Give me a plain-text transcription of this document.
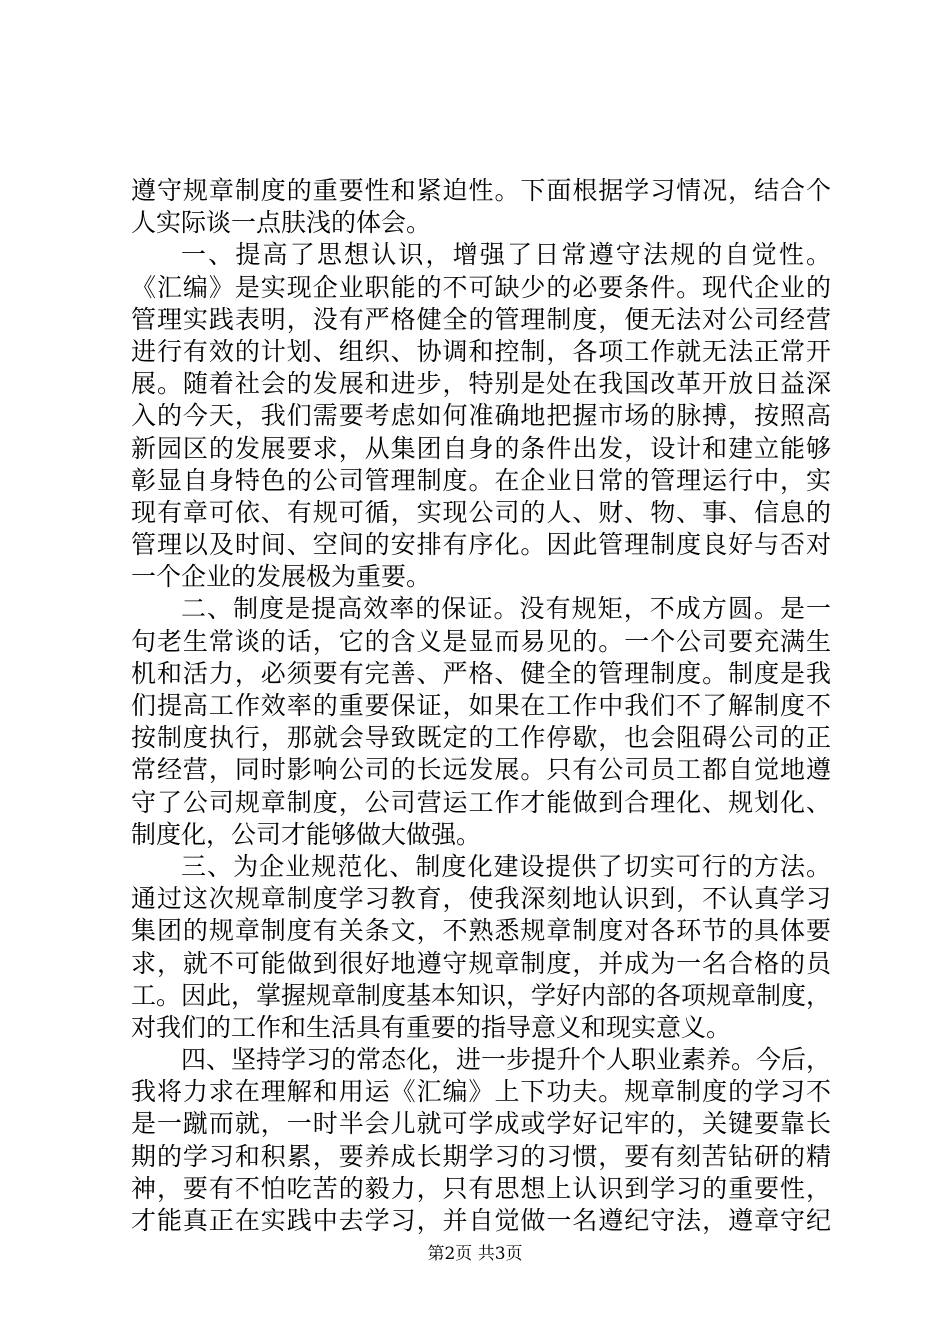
遵守规章制度的重要性和紧迫性。下面根据学习情况，结合个
人实际谈一点肤浅的体会。
一、提高了思想认识，增强了日常遵守法规的自觉性。
《汇编》是实现企业职能的不可缺少的必要条件。现代企业的
管理实践表明，没有严格健全的管理制度，便无法对公司经营
进行有效的计划、组织、协调和控制，各项工作就无法正常开
展。随着社会的发展和进步，特别是处在我国改革开放日益深
入的今天，我们需要考虑如何准确地把握市场的脉搏，按照高
新园区的发展要求，从集团自身的条件出发，设计和建立能够
彰显自身特色的公司管理制度。在企业日常的管理运行中，实
现有章可依、有规可循，实现公司的人、财、物、事、信息的
管理以及时间、空间的安排有序化。因此管理制度良好与否对
一个企业的发展极为重要。
二、制度是提高效率的保证。没有规矩，不成方圆。是一
句老生常谈的话，它的含义是显而易见的。一个公司要充满生
机和活力，必须要有完善、严格、健全的管理制度。制度是我
们提高工作效率的重要保证，如果在工作中我们不了解制度不
按制度执行，那就会导致既定的工作停歇，也会阻碍公司的正
常经营，同时影响公司的长远发展。只有公司员工都自觉地遵
守了公司规章制度，公司营运工作才能做到合理化、规划化、
制度化，公司才能够做大做强。
三、为企业规范化、制度化建设提供了切实可行的方法。
通过这次规章制度学习教育，使我深刻地认识到，不认真学习
集团的规章制度有关条文，不熟悉规章制度对各环节的具体要
求，就不可能做到很好地遵守规章制度，并成为一名合格的员
工。因此，掌握规章制度基本知识，学好内部的各项规章制度，
对我们的工作和生活具有重要的指导意义和现实意义。
四、坚持学习的常态化，进一步提升个人职业素养。今后，
我将力求在理解和用运《汇编》上下功夫。规章制度的学习不
是一蹴而就，一时半会儿就可学成或学好记牢的，关键要靠长
期的学习和积累，要养成长期学习的习惯，要有刻苦钻研的精
神，要有不怕吃苦的毅力，只有思想上认识到学习的重要性，
才能真正在实践中去学习，并自觉做一名遵纪守法，遵章守纪
第2页 共3页
